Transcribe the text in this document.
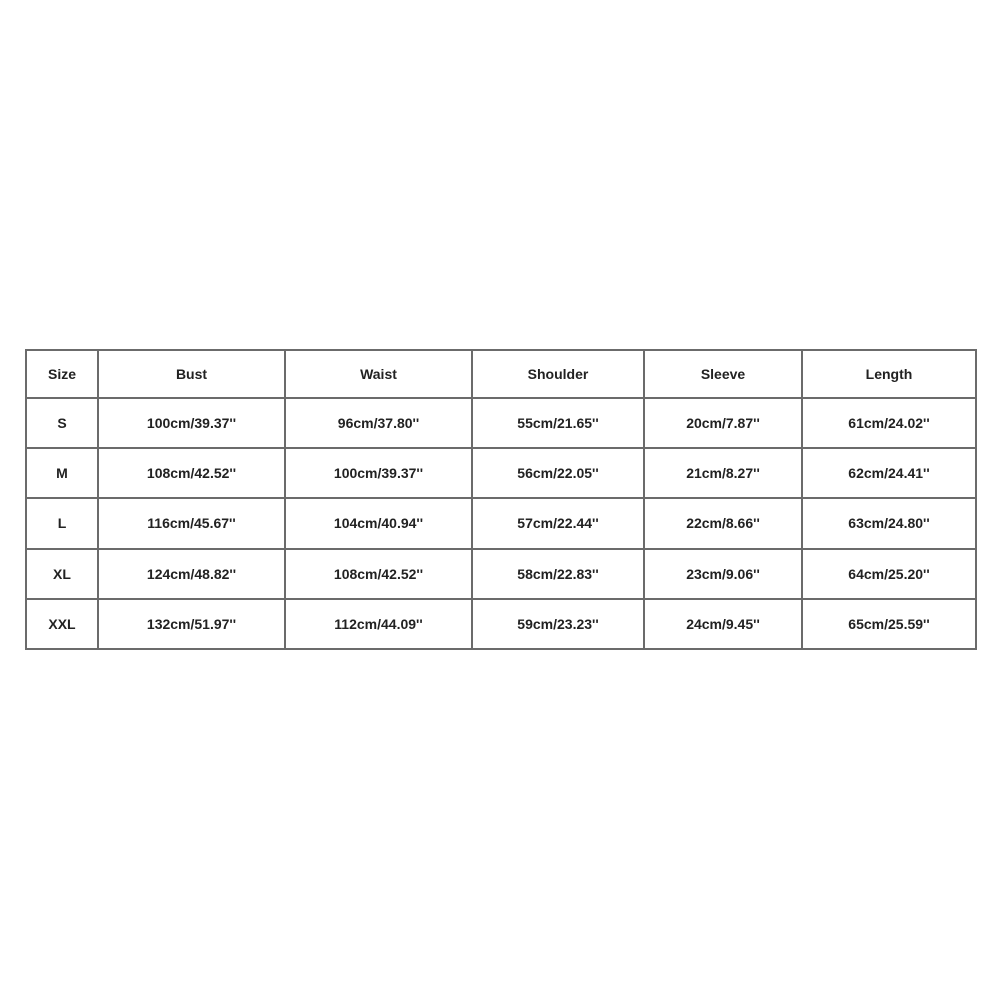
Size	Bust	Waist	Shoulder	Sleeve	Length
S	100cm/39.37''	96cm/37.80''	55cm/21.65''	20cm/7.87''	61cm/24.02''
M	108cm/42.52''	100cm/39.37''	56cm/22.05''	21cm/8.27''	62cm/24.41''
L	116cm/45.67''	104cm/40.94''	57cm/22.44''	22cm/8.66''	63cm/24.80''
XL	124cm/48.82''	108cm/42.52''	58cm/22.83''	23cm/9.06''	64cm/25.20''
XXL	132cm/51.97''	112cm/44.09''	59cm/23.23''	24cm/9.45''	65cm/25.59''
